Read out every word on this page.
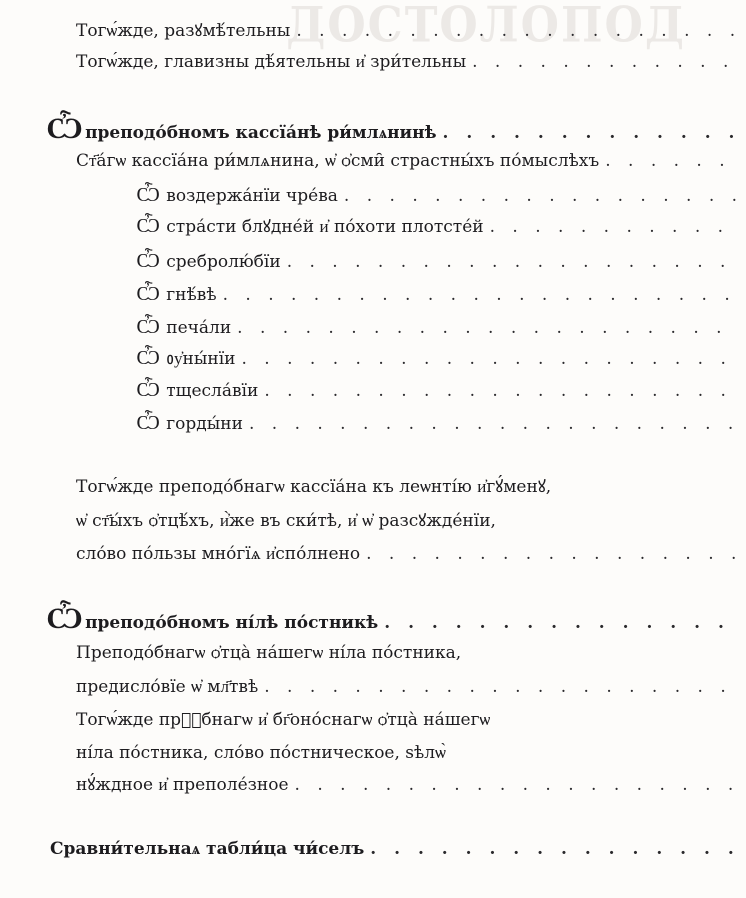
ДОСТОЛОПОД
Тогѡ́жде, разꙋмѣ́тельны
. . .
Тогѡ́жде, главизны дѣ́ятельны и҆ зри́тельны
. . .
Ѽ преподо́бномъ кассїа́нѣ ри́млѧнинѣ
. . .
Ст҃а́гѡ кассїа́на ри́млѧнина, ѡ҆ ѻ҆сми̑ страстны́хъ по́мыслѣхъ
. . .
Ѽ воздержа́нїи чре́ва
. . .
Ѽ стра́сти блꙋдне́й и҆ по́хоти плотсте́й
. . .
Ѽ сребролю́бїи
. . .
Ѽ гнѣ́вѣ
. . .
Ѽ печа́ли
. . .
Ѽ ᲂу҆ны́нїи
. . .
Ѽ тщесла́вїи
. . .
Ѽ горды́ни
. . .
Тогѡ́жде преподо́бнагѡ кассїа́на къ леѡнті́ю и҆гꙋ́менꙋ,
ѡ҆ ст҃ы́хъ ѻ҆тцѣ́хъ, и҆̀же въ ски́тѣ, и҆ ѡ҆ разсꙋжде́нїи,
сло́во по́льзы мно́гїѧ и҆спо́лнено
. . .
Ѽ преподо́бномъ ні́лѣ по́стникѣ
. . .
Преподо́бнагѡ ѻ҆тца̀ на́шегѡ ні́ла по́стника,
предисло́вїе ѡ҆ мл҃твѣ
. . .
Тогѡ́жде прⷬ҇бнагѡ и҆ бг҃оно́снагѡ ѻ҆тца̀ на́шегѡ
ні́ла по́стника, сло́во по́стническое, ѕѣлѡ̀
нꙋ́ждное и҆ преполе́зное
. . .
Сравни́тельнаѧ табли́ца чи́селъ
. . .
